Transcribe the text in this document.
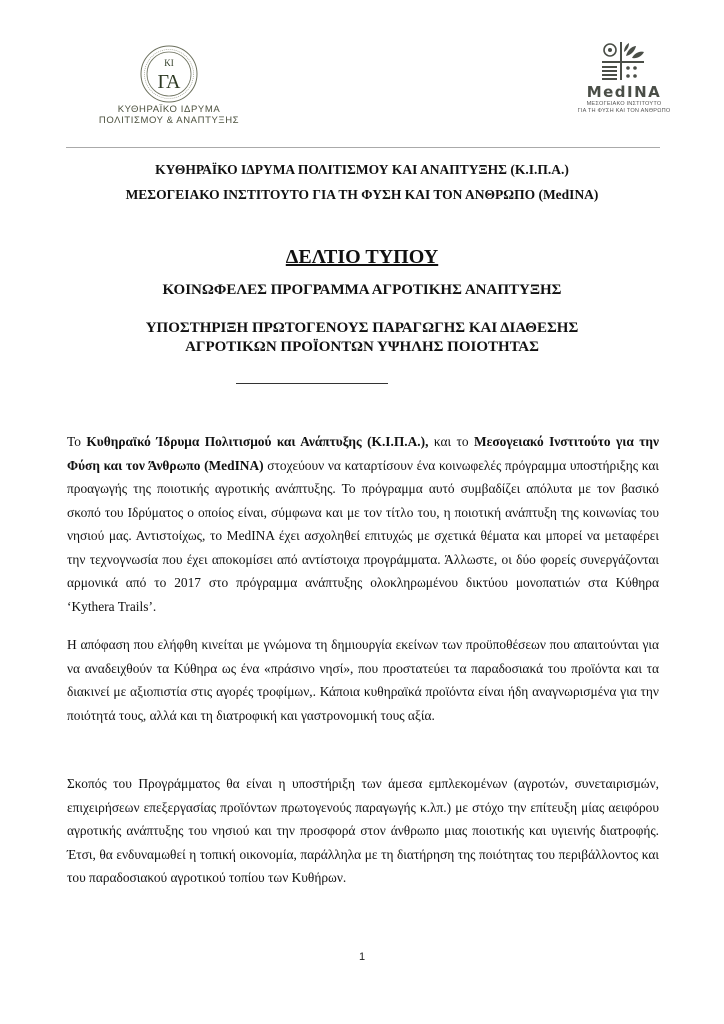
ΚΙ
ΓΑ
ΚΥΘΗΡΑΪΚΟ ΙΔΡΥΜΑ
ΠΟΛΙΤΙΣΜΟΥ & ΑΝΑΠΤΥΞΗΣ
MedINA
ΜΕΣΟΓΕΙΑΚΟ ΙΝΣΤΙΤΟΥΤΟ
ΓΙΑ ΤΗ ΦΥΣΗ ΚΑΙ ΤΟΝ ΑΝΘΡΩΠΟ
ΚΥΘΗΡΑΪΚΟ ΙΔΡΥΜΑ ΠΟΛΙΤΙΣΜΟΥ ΚΑΙ ΑΝΑΠΤΥΞΗΣ (Κ.Ι.Π.Α.)
ΜΕΣΟΓΕΙΑΚΟ ΙΝΣΤΙΤΟΥΤΟ ΓΙΑ ΤΗ ΦΥΣΗ ΚΑΙ ΤΟΝ ΑΝΘΡΩΠΟ (MedINA)
ΔΕΛΤΙΟ ΤΥΠΟΥ
ΚΟΙΝΩΦΕΛΕΣ ΠΡΟΓΡΑΜΜΑ ΑΓΡΟΤΙΚΗΣ ΑΝΑΠΤΥΞΗΣ
ΥΠΟΣΤΗΡΙΞΗ ΠΡΩΤΟΓΕΝΟΥΣ ΠΑΡΑΓΩΓΗΣ ΚΑΙ ΔΙΑΘΕΣΗΣ
ΑΓΡΟΤΙΚΩΝ ΠΡΟΪΟΝΤΩΝ ΥΨΗΛΗΣ ΠΟΙΟΤΗΤΑΣ
Το Κυθηραϊκό Ίδρυμα Πολιτισμού και Ανάπτυξης (Κ.Ι.Π.Α.), και το Μεσογειακό Ινστιτούτο για την Φύση και τον Άνθρωπο (MedINA) στοχεύουν να καταρτίσουν ένα κοινωφελές πρόγραμμα υποστήριξης και προαγωγής της ποιοτικής αγροτικής ανάπτυξης. Το πρόγραμμα αυτό συμβαδίζει απόλυτα με τον βασικό σκοπό του Ιδρύματος ο οποίος είναι, σύμφωνα και με τον τίτλο του, η ποιοτική ανάπτυξη της κοινωνίας του νησιού μας. Αντιστοίχως, το MedINA έχει ασχοληθεί επιτυχώς με σχετικά θέματα και μπορεί να μεταφέρει την τεχνογνωσία που έχει αποκομίσει από αντίστοιχα προγράμματα. Άλλωστε, οι δύο φορείς συνεργάζονται αρμονικά από το 2017 στο πρόγραμμα ανάπτυξης ολοκληρωμένου δικτύου μονοπατιών στα Κύθηρα ‘Kythera Trails’.
Η απόφαση που ελήφθη κινείται με γνώμονα τη δημιουργία εκείνων των προϋποθέσεων που απαιτούνται για να αναδειχθούν τα Κύθηρα ως ένα «πράσινο νησί», που προστατεύει τα παραδοσιακά του προϊόντα και τα διακινεί με αξιοπιστία στις αγορές τροφίμων,. Κάποια κυθηραϊκά προϊόντα είναι ήδη αναγνωρισμένα για την ποιότητά τους, αλλά και τη διατροφική και γαστρονομική τους αξία.
Σκοπός του Προγράμματος θα είναι η υποστήριξη των άμεσα εμπλεκομένων (αγροτών, συνεταιρισμών, επιχειρήσεων επεξεργασίας προϊόντων πρωτογενούς παραγωγής κ.λπ.) με στόχο την επίτευξη μίας αειφόρου αγροτικής ανάπτυξης του νησιού και την προσφορά στον άνθρωπο μιας ποιοτικής και υγιεινής διατροφής. Έτσι, θα ενδυναμωθεί η τοπική οικονομία, παράλληλα με τη διατήρηση της ποιότητας του περιβάλλοντος και του παραδοσιακού αγροτικού τοπίου των Κυθήρων.
1
